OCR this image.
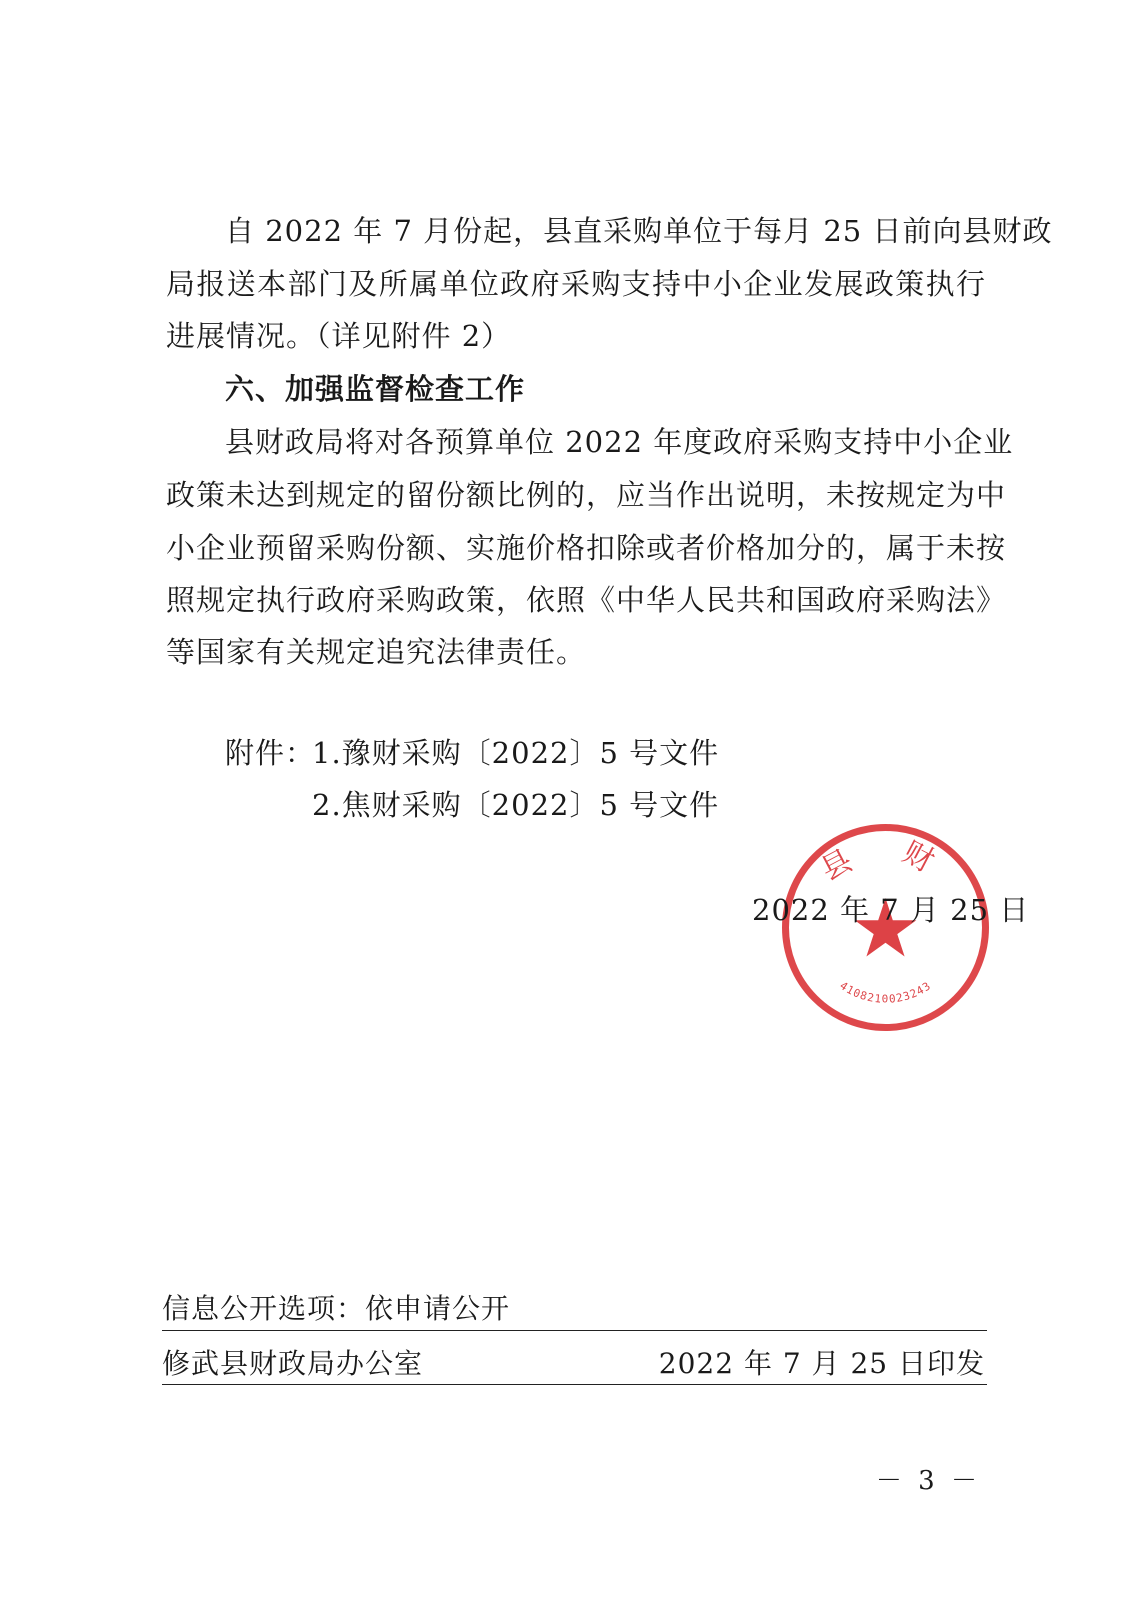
自 2022 年 7 月份起，县直采购单位于每月 25 日前向县财政
局报送本部门及所属单位政府采购支持中小企业发展政策执行
进展情况。（详见附件 2）
六、加强监督检查工作
县财政局将对各预算单位 2022 年度政府采购支持中小企业
政策未达到规定的留份额比例的，应当作出说明，未按规定为中
小企业预留采购份额、实施价格扣除或者价格加分的，属于未按
照规定执行政府采购政策，依照《中华人民共和国政府采购法》
等国家有关规定追究法律责任。
附件：
1.豫财采购〔2022〕5 号文件
2.焦财采购〔2022〕5 号文件
县 财
4108210023243
2022 年 7 月 25 日
信息公开选项：依申请公开
修武县财政局办公室	2022 年 7 月 25 日印发
－ 3 －
